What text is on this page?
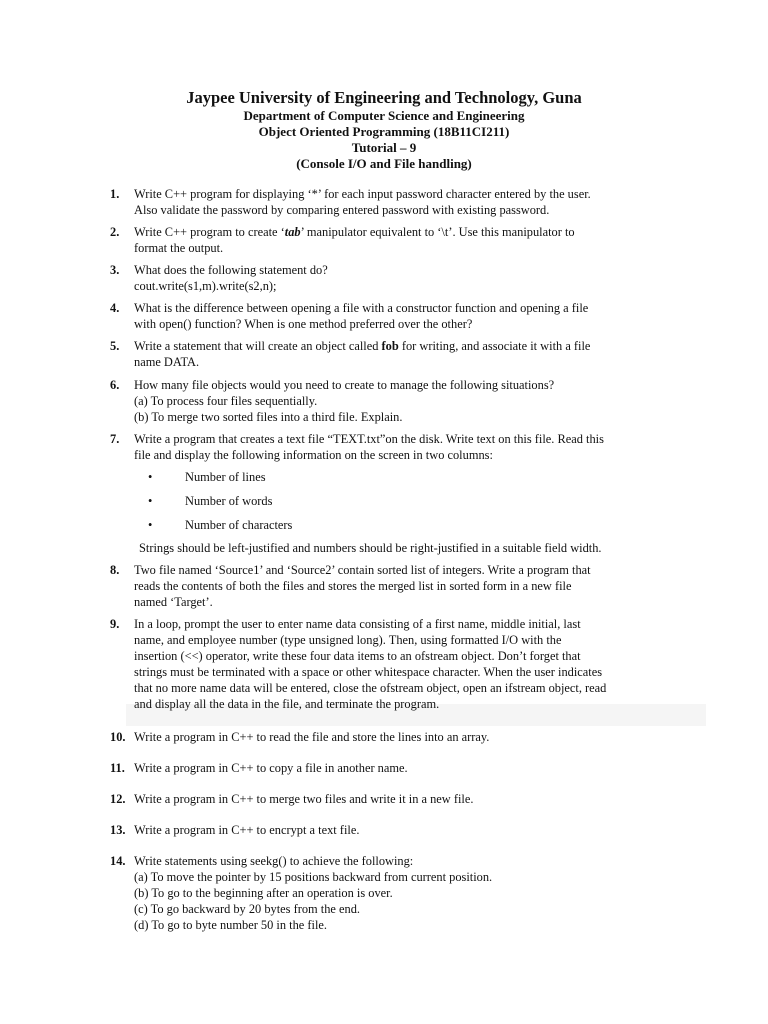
Jaypee University of Engineering and Technology, Guna
Department of Computer Science and Engineering
Object Oriented Programming (18B11CI211)
Tutorial – 9
(Console I/O and File handling)
1. Write C++ program for displaying ‘*’ for each input password character entered by the user.

Also validate the password by comparing entered password with existing password.

2. Write C++ program to create ‘tab’ manipulator equivalent to ‘\t’. Use this manipulator to

format the output.

3. What does the following statement do?

cout.write(s1,m).write(s2,n);

4. What is the difference between opening a file with a constructor function and opening a file

with open() function? When is one method preferred over the other?

5. Write a statement that will create an object called fob for writing, and associate it with a file

name DATA.

6. How many file objects would you need to create to manage the following situations?

(a) To process four files sequentially.

(b) To merge two sorted files into a third file. Explain.

7. Write a program that creates a text file “TEXT.txt”on the disk. Write text on this file. Read this

file and display the following information on the screen in two columns:

•	Number of lines
•	Number of words
•	Number of characters
Strings should be left-justified and numbers should be right-justified in a suitable field width.
8. Two file named ‘Source1’ and ‘Source2’ contain sorted list of integers. Write a program that

reads the contents of both the files and stores the merged list in sorted form in a new file

named ‘Target’.

9. In a loop, prompt the user to enter name data consisting of a first name, middle initial, last

name, and employee number (type unsigned long). Then, using formatted I/O with the

insertion (<<) operator, write these four data items to an ofstream object. Don’t forget that

strings must be terminated with a space or other whitespace character. When the user indicates

that no more name data will be entered, close the ofstream object, open an ifstream object, read

and display all the data in the file, and terminate the program.

10. Write a program in C++ to read the file and store the lines into an array.

11. Write a program in C++ to copy a file in another name.

12. Write a program in C++ to merge two files and write it in a new file.

13. Write a program in C++ to encrypt a text file.

14. Write statements using seekg() to achieve the following:

(a) To move the pointer by 15 positions backward from current position.

(b) To go to the beginning after an operation is over.

(c) To go backward by 20 bytes from the end.

(d) To go to byte number 50 in the file.
